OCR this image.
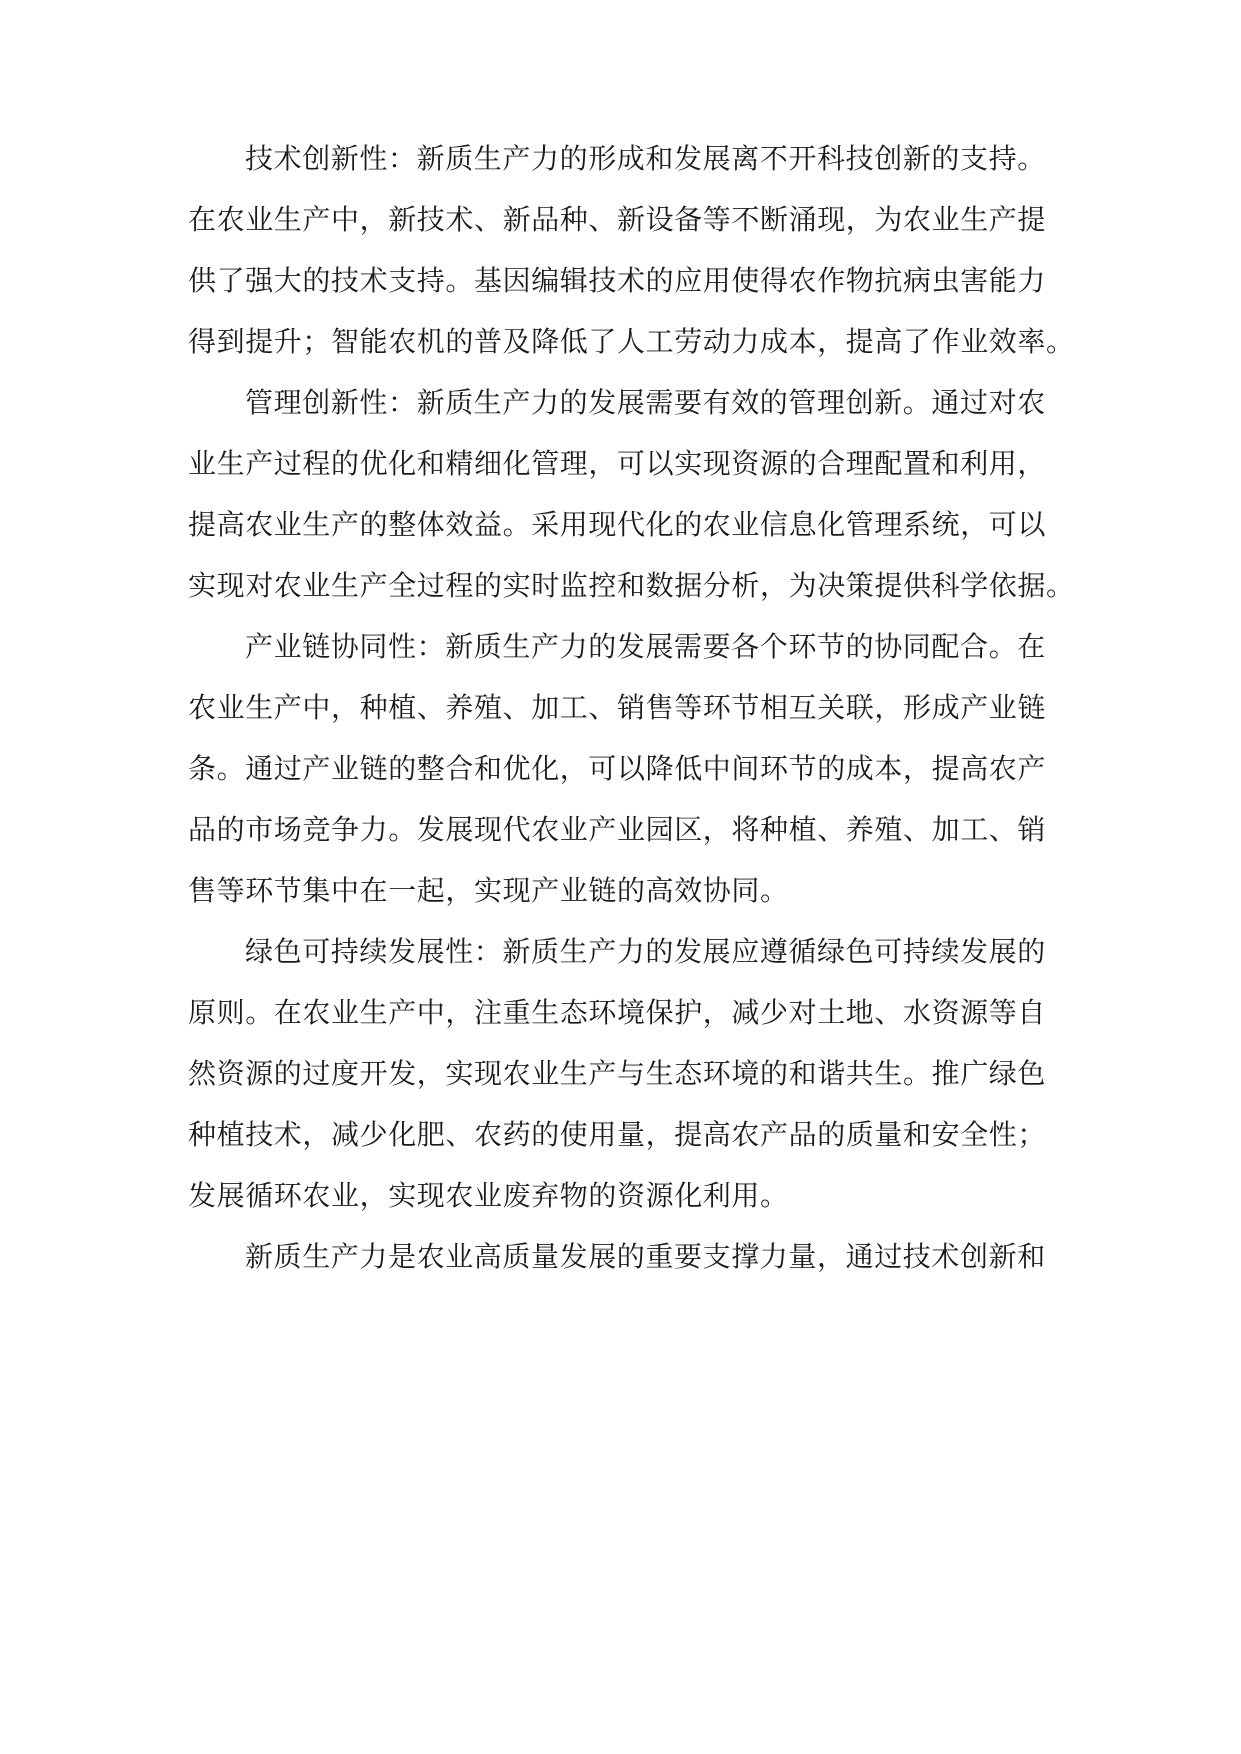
技术创新性：新质生产力的形成和发展离不开科技创新的支持。

在农业生产中，新技术、新品种、新设备等不断涌现，为农业生产提

供了强大的技术支持。基因编辑技术的应用使得农作物抗病虫害能力

得到提升；智能农机的普及降低了人工劳动力成本，提高了作业效率。

管理创新性：新质生产力的发展需要有效的管理创新。通过对农

业生产过程的优化和精细化管理，可以实现资源的合理配置和利用，

提高农业生产的整体效益。采用现代化的农业信息化管理系统，可以

实现对农业生产全过程的实时监控和数据分析，为决策提供科学依据。

产业链协同性：新质生产力的发展需要各个环节的协同配合。在

农业生产中，种植、养殖、加工、销售等环节相互关联，形成产业链

条。通过产业链的整合和优化，可以降低中间环节的成本，提高农产

品的市场竞争力。发展现代农业产业园区，将种植、养殖、加工、销

售等环节集中在一起，实现产业链的高效协同。

绿色可持续发展性：新质生产力的发展应遵循绿色可持续发展的

原则。在农业生产中，注重生态环境保护，减少对土地、水资源等自

然资源的过度开发，实现农业生产与生态环境的和谐共生。推广绿色

种植技术，减少化肥、农药的使用量，提高农产品的质量和安全性；

发展循环农业，实现农业废弃物的资源化利用。

新质生产力是农业高质量发展的重要支撑力量，通过技术创新和
